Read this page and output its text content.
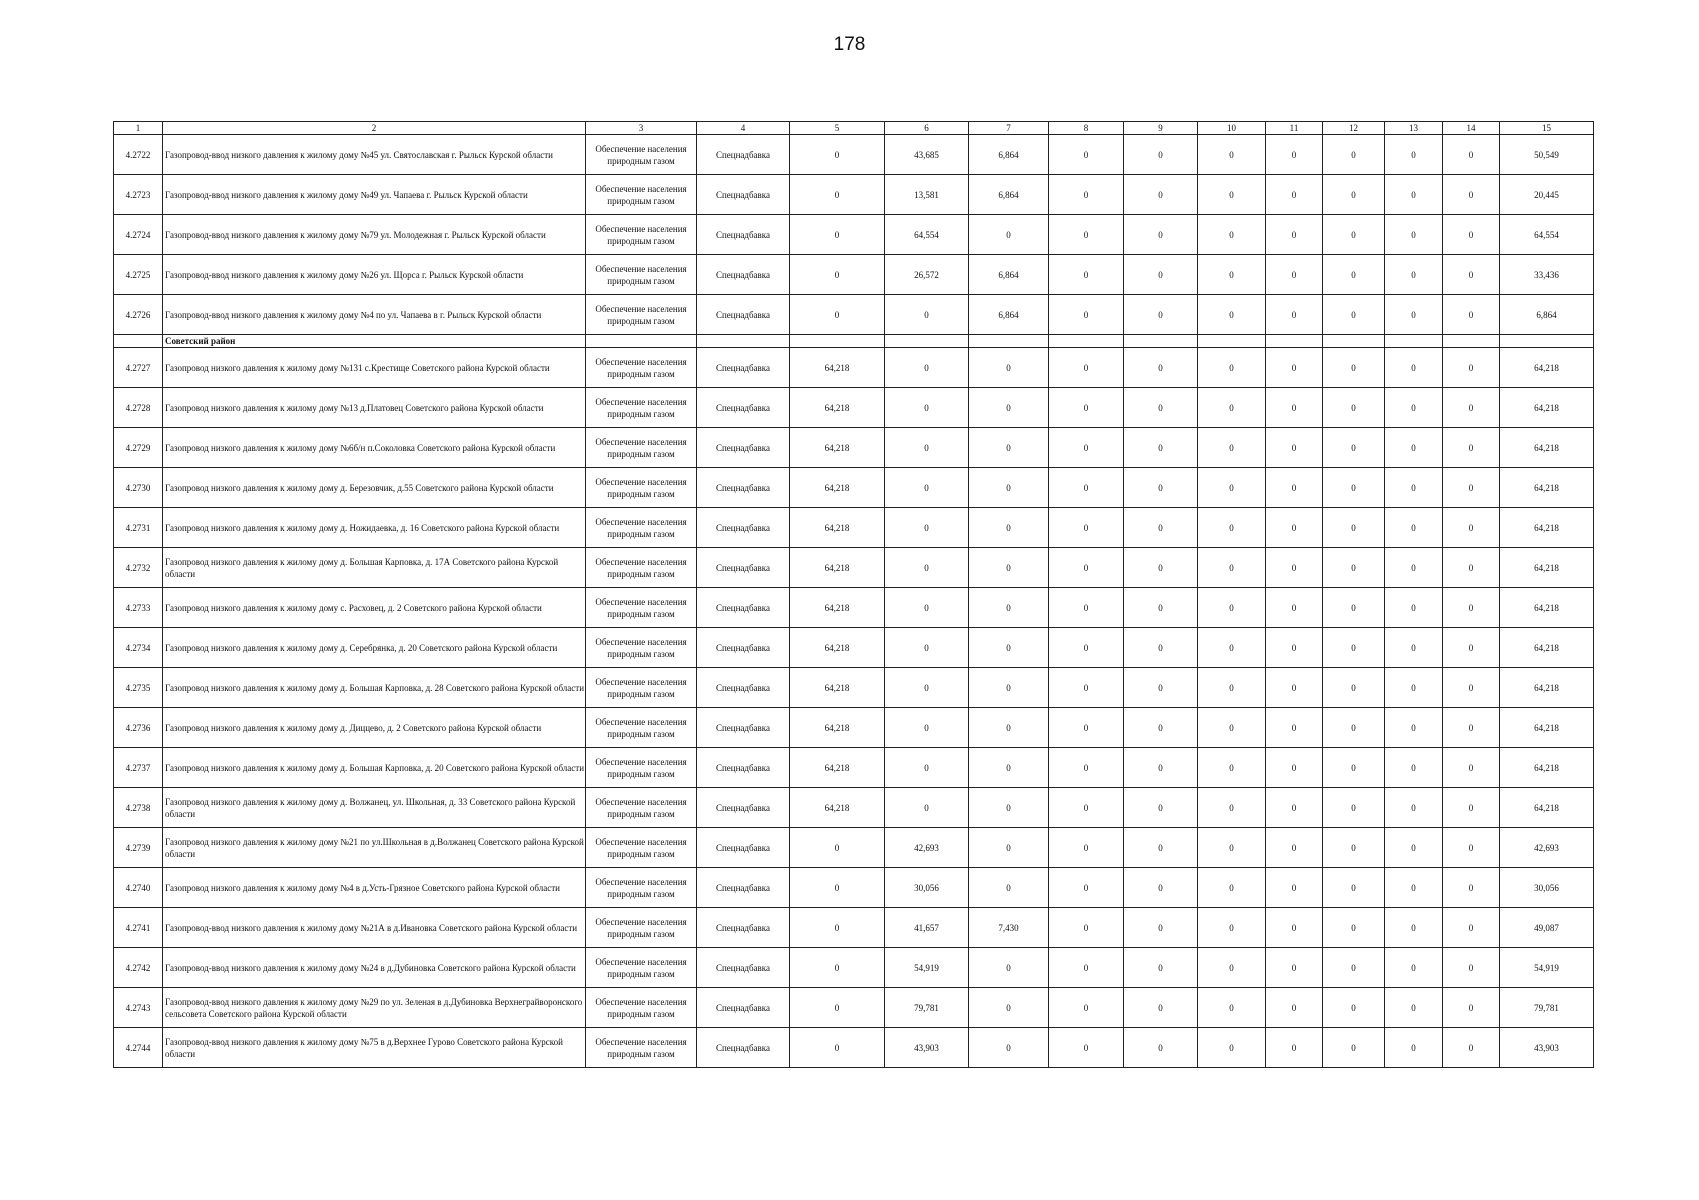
178
1	2	3	4	5	6	7	8	9	10	11	12	13	14	15
4.2722	Газопровод-ввод низкого давления к жилому дому №45 ул. Святославская г. Рыльск Курской области	Обеспечение населения природным газом	Спецнадбавка	0	43,685	6,864	0	0	0	0	0	0	0	50,549
4.2723	Газопровод-ввод низкого давления к жилому дому №49 ул. Чапаева г. Рыльск Курской области	Обеспечение населения природным газом	Спецнадбавка	0	13,581	6,864	0	0	0	0	0	0	0	20,445
4.2724	Газопровод-ввод низкого давления к жилому дому №79 ул. Молодежная г. Рыльск Курской области	Обеспечение населения природным газом	Спецнадбавка	0	64,554	0	0	0	0	0	0	0	0	64,554
4.2725	Газопровод-ввод низкого давления к жилому дому №26 ул. Щорса г. Рыльск Курской области	Обеспечение населения природным газом	Спецнадбавка	0	26,572	6,864	0	0	0	0	0	0	0	33,436
4.2726	Газопровод-ввод низкого давления к жилому дому №4 по ул. Чапаева в г. Рыльск Курской области	Обеспечение населения природным газом	Спецнадбавка	0	0	6,864	0	0	0	0	0	0	0	6,864
	Советский район													
4.2727	Газопровод низкого давления к жилому дому №131 с.Крестище Советского района Курской области	Обеспечение населения природным газом	Спецнадбавка	64,218	0	0	0	0	0	0	0	0	0	64,218
4.2728	Газопровод низкого давления к жилому дому №13 д.Платовец Советского района Курской области	Обеспечение населения природным газом	Спецнадбавка	64,218	0	0	0	0	0	0	0	0	0	64,218
4.2729	Газопровод низкого давления к жилому дому №6б/н п.Соколовка Советского района Курской области	Обеспечение населения природным газом	Спецнадбавка	64,218	0	0	0	0	0	0	0	0	0	64,218
4.2730	Газопровод низкого давления к жилому дому д. Березовчик, д.55 Советского района Курской области	Обеспечение населения природным газом	Спецнадбавка	64,218	0	0	0	0	0	0	0	0	0	64,218
4.2731	Газопровод низкого давления к жилому дому д. Ножидаевка, д. 16 Советского района Курской области	Обеспечение населения природным газом	Спецнадбавка	64,218	0	0	0	0	0	0	0	0	0	64,218
4.2732	Газопровод низкого давления к жилому дому д. Большая Карповка, д. 17А Советского района Курской области	Обеспечение населения природным газом	Спецнадбавка	64,218	0	0	0	0	0	0	0	0	0	64,218
4.2733	Газопровод низкого давления к жилому дому с. Расховец, д. 2 Советского района Курской области	Обеспечение населения природным газом	Спецнадбавка	64,218	0	0	0	0	0	0	0	0	0	64,218
4.2734	Газопровод низкого давления к жилому дому д. Серебрянка, д. 20 Советского района Курской области	Обеспечение населения природным газом	Спецнадбавка	64,218	0	0	0	0	0	0	0	0	0	64,218
4.2735	Газопровод низкого давления к жилому дому д. Большая Карповка, д. 28 Советского района Курской области	Обеспечение населения природным газом	Спецнадбавка	64,218	0	0	0	0	0	0	0	0	0	64,218
4.2736	Газопровод низкого давления к жилому дому д. Диццево, д. 2 Советского района Курской области	Обеспечение населения природным газом	Спецнадбавка	64,218	0	0	0	0	0	0	0	0	0	64,218
4.2737	Газопровод низкого давления к жилому дому д. Большая Карповка, д. 20 Советского района Курской области	Обеспечение населения природным газом	Спецнадбавка	64,218	0	0	0	0	0	0	0	0	0	64,218
4.2738	Газопровод низкого давления к жилому дому д. Волжанец, ул. Школьная, д. 33 Советского района Курской области	Обеспечение населения природным газом	Спецнадбавка	64,218	0	0	0	0	0	0	0	0	0	64,218
4.2739	Газопровод низкого давления к жилому дому №21 по ул.Школьная в д.Волжанец Советского района Курской области	Обеспечение населения природным газом	Спецнадбавка	0	42,693	0	0	0	0	0	0	0	0	42,693
4.2740	Газопровод низкого давления к жилому дому №4 в д.Усть-Грязное Советского района Курской области	Обеспечение населения природным газом	Спецнадбавка	0	30,056	0	0	0	0	0	0	0	0	30,056
4.2741	Газопровод-ввод низкого давления к жилому дому №21А в д.Ивановка Советского района Курской области	Обеспечение населения природным газом	Спецнадбавка	0	41,657	7,430	0	0	0	0	0	0	0	49,087
4.2742	Газопровод-ввод низкого давления к жилому дому №24 в д.Дубиновка Советского района Курской области	Обеспечение населения природным газом	Спецнадбавка	0	54,919	0	0	0	0	0	0	0	0	54,919
4.2743	Газопровод-ввод низкого давления к жилому дому №29 по ул. Зеленая в д.Дубиновка Верхнеграйворонского сельсовета Советского района Курской области	Обеспечение населения природным газом	Спецнадбавка	0	79,781	0	0	0	0	0	0	0	0	79,781
4.2744	Газопровод-ввод низкого давления к жилому дому №75 в д.Верхнее Гурово Советского района Курской области	Обеспечение населения природным газом	Спецнадбавка	0	43,903	0	0	0	0	0	0	0	0	43,903
